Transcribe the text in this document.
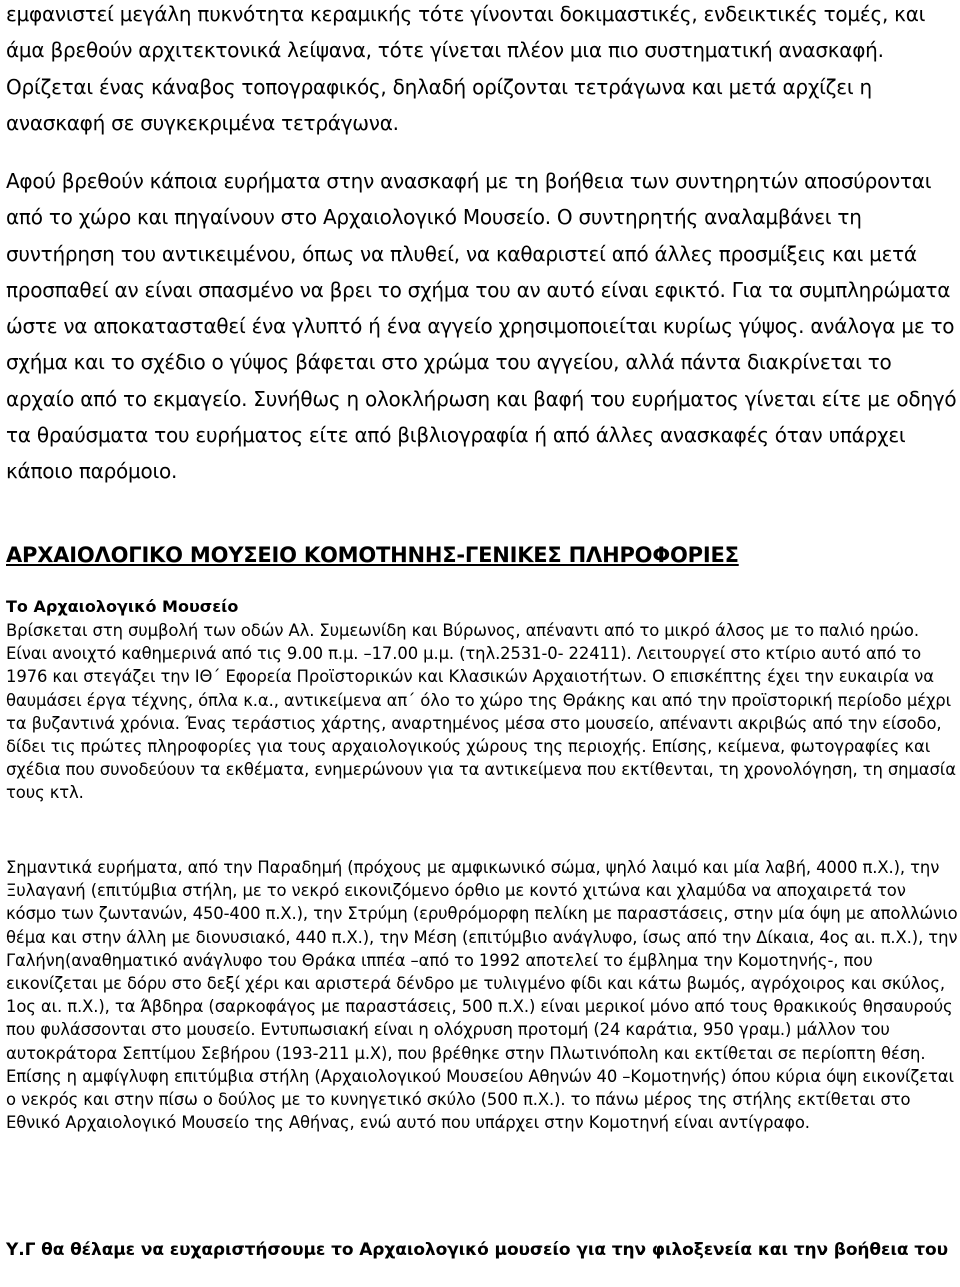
εμφανιστεί μεγάλη πυκνότητα κεραμικής τότε γίνονται δοκιμαστικές, ενδεικτικές τομές, και άμα βρεθούν αρχιτεκτονικά λείψανα, τότε γίνεται πλέον μια πιο συστηματική ανασκαφή. Ορίζεται ένας κάναβος τοπογραφικός, δηλαδή ορίζονται τετράγωνα και μετά αρχίζει η ανασκαφή σε συγκεκριμένα τετράγωνα.

Αφού βρεθούν κάποια ευρήματα στην ανασκαφή με τη βοήθεια των συντηρητών αποσύρονται από το χώρο και πηγαίνουν στο Αρχαιολογικό Μουσείο. Ο συντηρητής αναλαμβάνει τη συντήρηση του αντικειμένου, όπως να πλυθεί, να καθαριστεί από άλλες προσμίξεις και μετά προσπαθεί αν είναι σπασμένο να βρει το σχήμα του αν αυτό είναι εφικτό. Για τα συμπληρώματα ώστε να αποκατασταθεί ένα γλυπτό ή ένα αγγείο χρησιμοποιείται κυρίως γύψος. ανάλογα με το σχήμα και το σχέδιο ο γύψος βάφεται στο χρώμα του αγγείου, αλλά πάντα διακρίνεται το αρχαίο από το εκμαγείο. Συνήθως η ολοκλήρωση και βαφή του ευρήματος γίνεται είτε με οδηγό τα θραύσματα του ευρήματος είτε από βιβλιογραφία ή από άλλες ανασκαφές όταν υπάρχει κάποιο παρόμοιο.

ΑΡΧΑΙΟΛΟΓΙΚΟ ΜΟΥΣΕΙΟ ΚΟΜΟΤΗΝΗΣ-ΓΕΝΙΚΕΣ ΠΛΗΡΟΦΟΡΙΕΣ
Το Αρχαιολογικό Μουσείο

Βρίσκεται στη συμβολή των οδών Αλ. Συμεωνίδη και Βύρωνος, απέναντι από το μικρό άλσος με το παλιό ηρώο. Είναι ανοιχτό καθημερινά από τις 9.00 π.μ. –17.00 μ.μ. (τηλ.2531-0- 22411). Λειτουργεί στο κτίριο αυτό από το 1976 και στεγάζει την ΙΘ΄ Εφορεία Προϊστορικών και Κλασικών Αρχαιοτήτων. Ο επισκέπτης έχει την ευκαιρία να θαυμάσει έργα τέχνης, όπλα κ.α., αντικείμενα απ΄ όλο το χώρο της Θράκης και από την προϊστορική περίοδο μέχρι τα βυζαντινά χρόνια. Ένας τεράστιος χάρτης, αναρτημένος μέσα στο μουσείο, απέναντι ακριβώς από την είσοδο, δίδει τις πρώτες πληροφορίες για τους αρχαιολογικούς χώρους της περιοχής. Επίσης, κείμενα, φωτογραφίες και σχέδια που συνοδεύουν τα εκθέματα, ενημερώνουν για τα αντικείμενα που εκτίθενται, τη χρονολόγηση, τη σημασία τους κτλ.

Σημαντικά ευρήματα, από την Παραδημή (πρόχους με αμφικωνικό σώμα, ψηλό λαιμό και μία λαβή, 4000 π.Χ.), την Ξυλαγανή (επιτύμβια στήλη, με το νεκρό εικονιζόμενο όρθιο με κοντό χιτώνα και χλαμύδα να αποχαιρετά τον κόσμο των ζωντανών, 450-400 π.Χ.), την Στρύμη (ερυθρόμορφη πελίκη με παραστάσεις, στην μία όψη με απολλώνιο θέμα και στην άλλη με διονυσιακό, 440 π.Χ.), την Μέση (επιτύμβιο ανάγλυφο, ίσως από την Δίκαια, 4ος αι. π.Χ.), την Γαλήνη(αναθηματικό ανάγλυφο του Θράκα ιππέα –από το 1992 αποτελεί το έμβλημα την Κομοτηνής-, που εικονίζεται με δόρυ στο δεξί χέρι και αριστερά δένδρο με τυλιγμένο φίδι και κάτω βωμός, αγρόχοιρος και σκύλος, 1ος αι. π.Χ.), τα Άβδηρα (σαρκοφάγος με παραστάσεις, 500 π.Χ.) είναι μερικοί μόνο από τους θρακικούς θησαυρούς που φυλάσσονται στο μουσείο. Εντυπωσιακή είναι η ολόχρυση προτομή (24 καράτια, 950 γραμ.) μάλλον του αυτοκράτορα Σεπτίμου Σεβήρου (193-211 μ.Χ), που βρέθηκε στην Πλωτινόπολη και εκτίθεται σε περίοπτη θέση. Επίσης η αμφίγλυφη επιτύμβια στήλη (Αρχαιολογικού Μουσείου Αθηνών 40 –Κομοτηνής) όπου κύρια όψη εικονίζεται ο νεκρός και στην πίσω ο δούλος με το κυνηγετικό σκύλο (500 π.Χ.). το πάνω μέρος της στήλης εκτίθεται στο Εθνικό Αρχαιολογικό Μουσείο της Αθήνας, ενώ αυτό που υπάρχει στην Κομοτηνή είναι αντίγραφο.

Υ.Γ θα θέλαμε να ευχαριστήσουμε το Αρχαιολογικό μουσείο για την φιλοξενεία και την βοήθεια του
